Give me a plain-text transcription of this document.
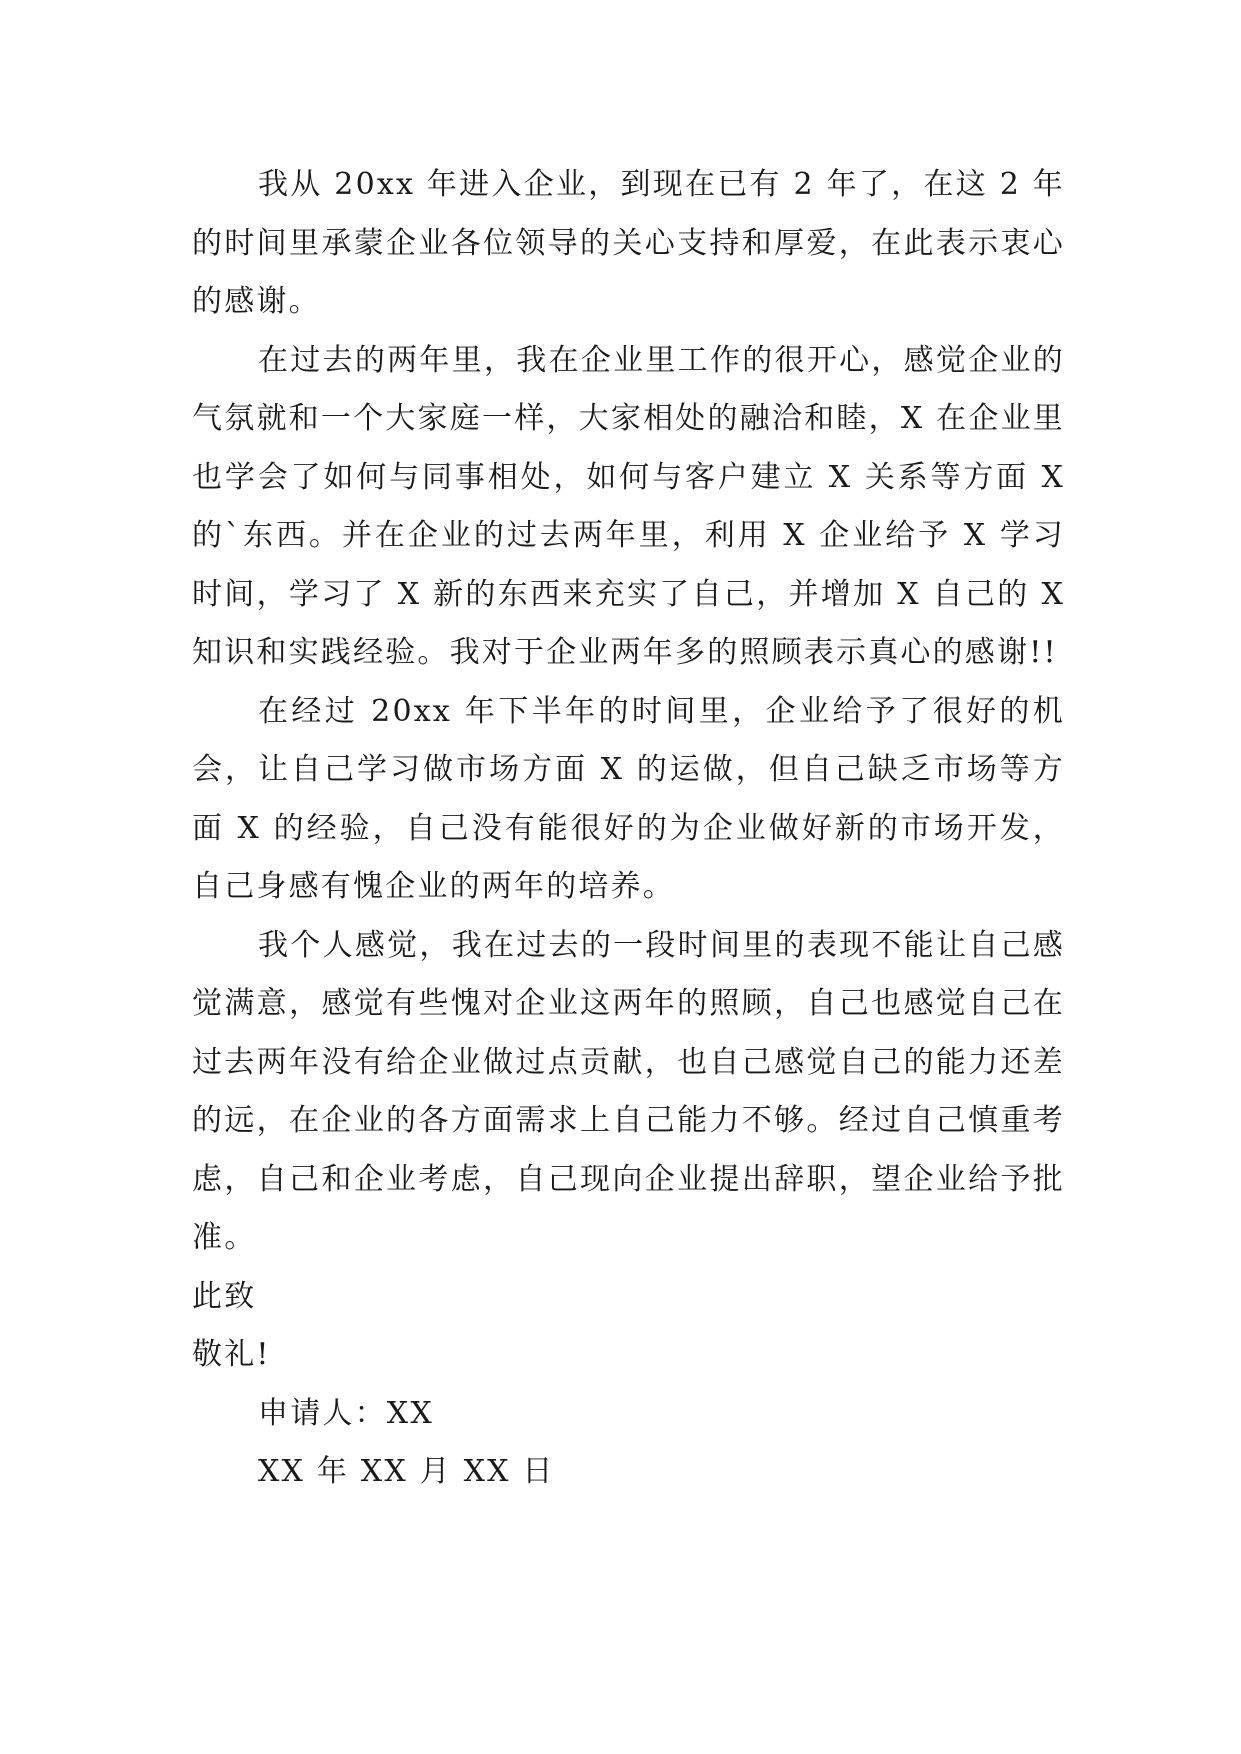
我从 20xx 年进入企业，到现在已有 2 年了，在这 2 年的时间里承蒙企业各位领导的关心支持和厚爱，在此表示衷心的感谢。

在过去的两年里，我在企业里工作的很开心，感觉企业的气氛就和一个大家庭一样，大家相处的融洽和睦，X 在企业里也学会了如何与同事相处，如何与客户建立 X 关系等方面 X 的`东西。并在企业的过去两年里，利用 X 企业给予 X 学习时间，学习了 X 新的东西来充实了自己，并增加 X 自己的 X 知识和实践经验。我对于企业两年多的照顾表示真心的感谢!!

在经过 20xx 年下半年的时间里，企业给予了很好的机会，让自己学习做市场方面 X 的运做，但自己缺乏市场等方面 X 的经验，自己没有能很好的为企业做好新的市场开发，自己身感有愧企业的两年的培养。

我个人感觉，我在过去的一段时间里的表现不能让自己感觉满意，感觉有些愧对企业这两年的照顾，自己也感觉自己在过去两年没有给企业做过点贡献，也自己感觉自己的能力还差的远，在企业的各方面需求上自己能力不够。经过自己慎重考虑，自己和企业考虑，自己现向企业提出辞职，望企业给予批准。

此致

敬礼!

申请人：XX

XX 年 XX 月 XX 日
